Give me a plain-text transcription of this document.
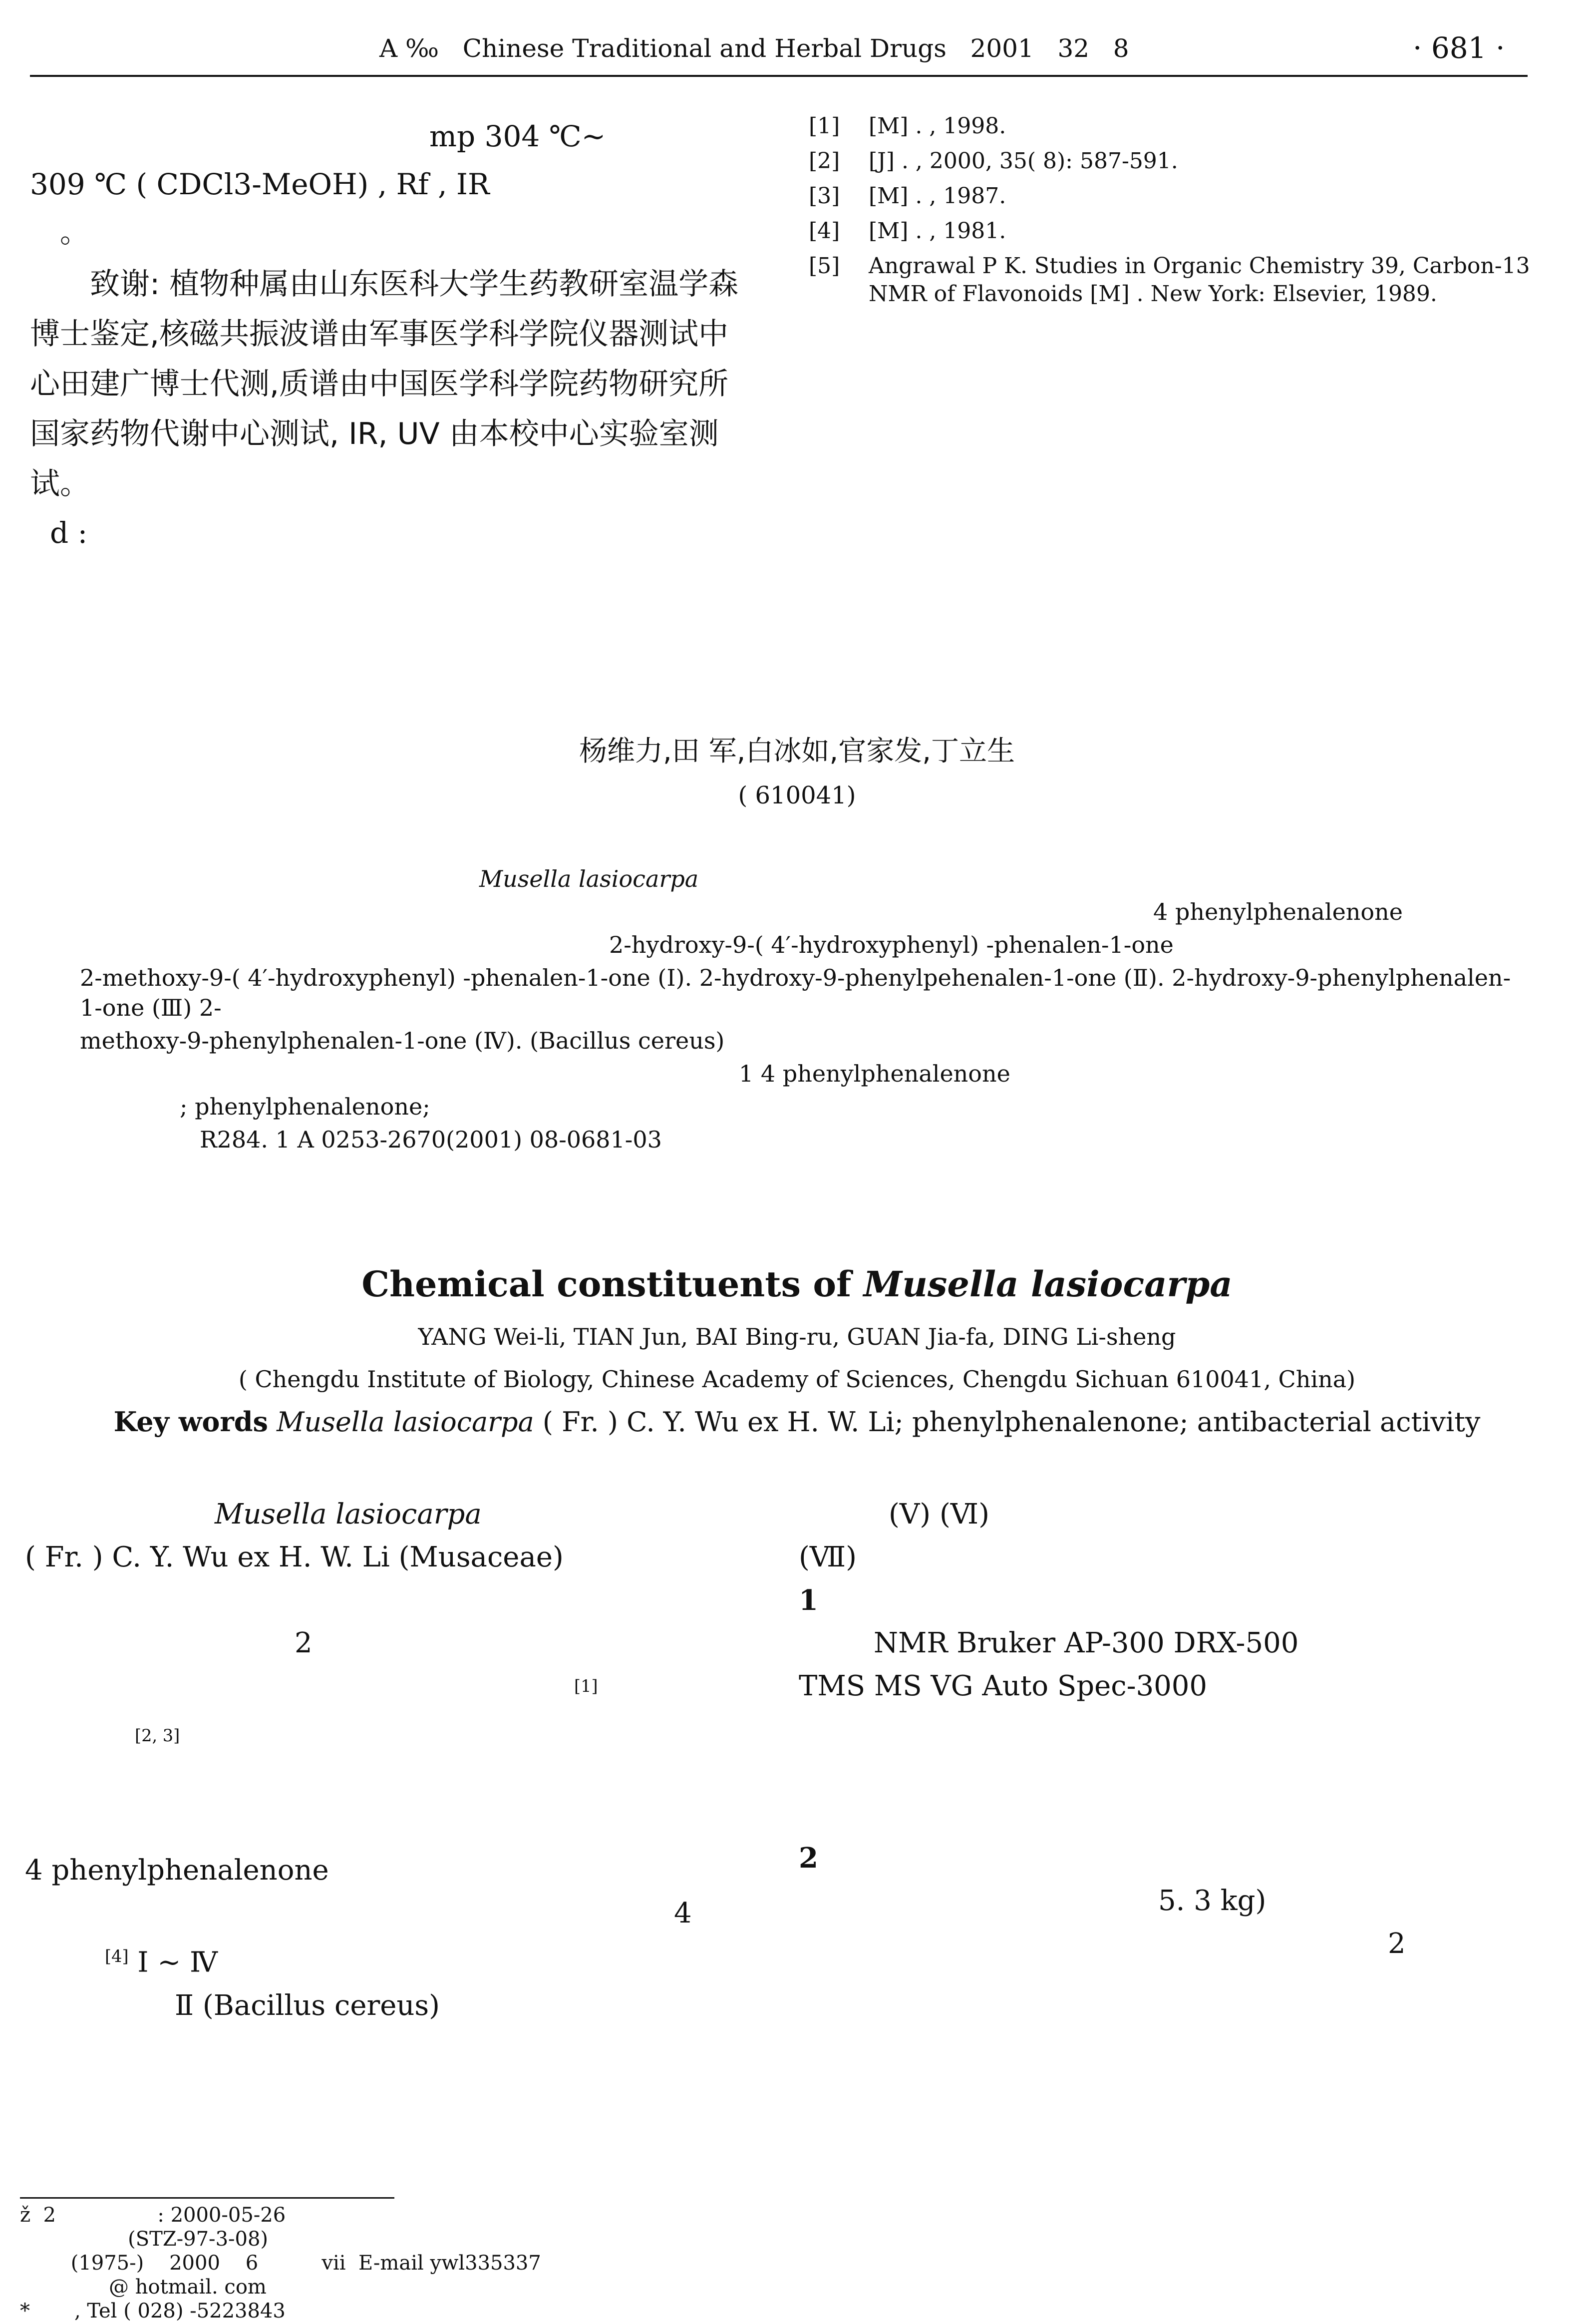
A ‰   Chinese Traditional and Herbal Drugs   2001   32   8	· 681 ·
mp 304 ℃~
309 ℃ ( CDCl3-MeOH) , Rf , IR
。
致谢: 植物种属由山东医科大学生药教研室温学森博士鉴定,核磁共振波谱由军事医学科学院仪器测试中心田建广博士代测,质谱由中国医学科学院药物研究所国家药物代谢中心测试, IR, UV 由本校中心实验室测试。
d :
[1] [M] . , 1998.
[2] [J] . , 2000, 35( 8): 587-591.
[3] [M] . , 1987.
[4] [M] . , 1981.
[5] Angrawal P K. Studies in Organic Chemistry 39, Carbon-13 NMR of Flavonoids [M] . New York: Elsevier, 1989.
杨维力,田 军,白冰如,官家发,丁立生
( 610041)

Musella lasiocarpa

4 phenylphenalenone

2-hydroxy-9-( 4′-hydroxyphenyl) -phenalen-1-one

2-methoxy-9-( 4′-hydroxyphenyl) -phenalen-1-one (Ⅰ). 2-hydroxy-9-phenylpehenalen-1-one (Ⅱ). 2-hydroxy-9-phenylphenalen-1-one (Ⅲ) 2-

methoxy-9-phenylphenalen-1-one (Ⅳ). (Bacillus cereus)

1 4 phenylphenalenone

; phenylphenalenone;

R284. 1 A 0253-2670(2001) 08-0681-03

Chemical constituents of Musella lasiocarpa
YANG Wei-li, TIAN Jun, BAI Bing-ru, GUAN Jia-fa, DING Li-sheng
( Chengdu Institute of Biology, Chinese Academy of Sciences, Chengdu Sichuan 610041, China)
Key words Musella lasiocarpa ( Fr. ) C. Y. Wu ex H. W. Li; phenylphenalenone; antibacterial activity
Musella lasiocarpa
( Fr. ) C. Y. Wu ex H. W. Li (Musaceae)

2
[1]
[2, 3]

4 phenylphenalenone
4
[4] Ⅰ ~ Ⅳ
Ⅱ (Bacillus cereus)
(Ⅴ) (Ⅵ)
(Ⅶ)
1
NMR Bruker AP-300 DRX-500
TMS MS VG Auto Spec-3000

2
5. 3 kg)
2
ž  2                : 2000-05-26
(STZ-97-3-08)
(1975-)    2000    6          vii  E-mail ywl335337
@ hotmail. com
*       , Tel ( 028) -5223843
